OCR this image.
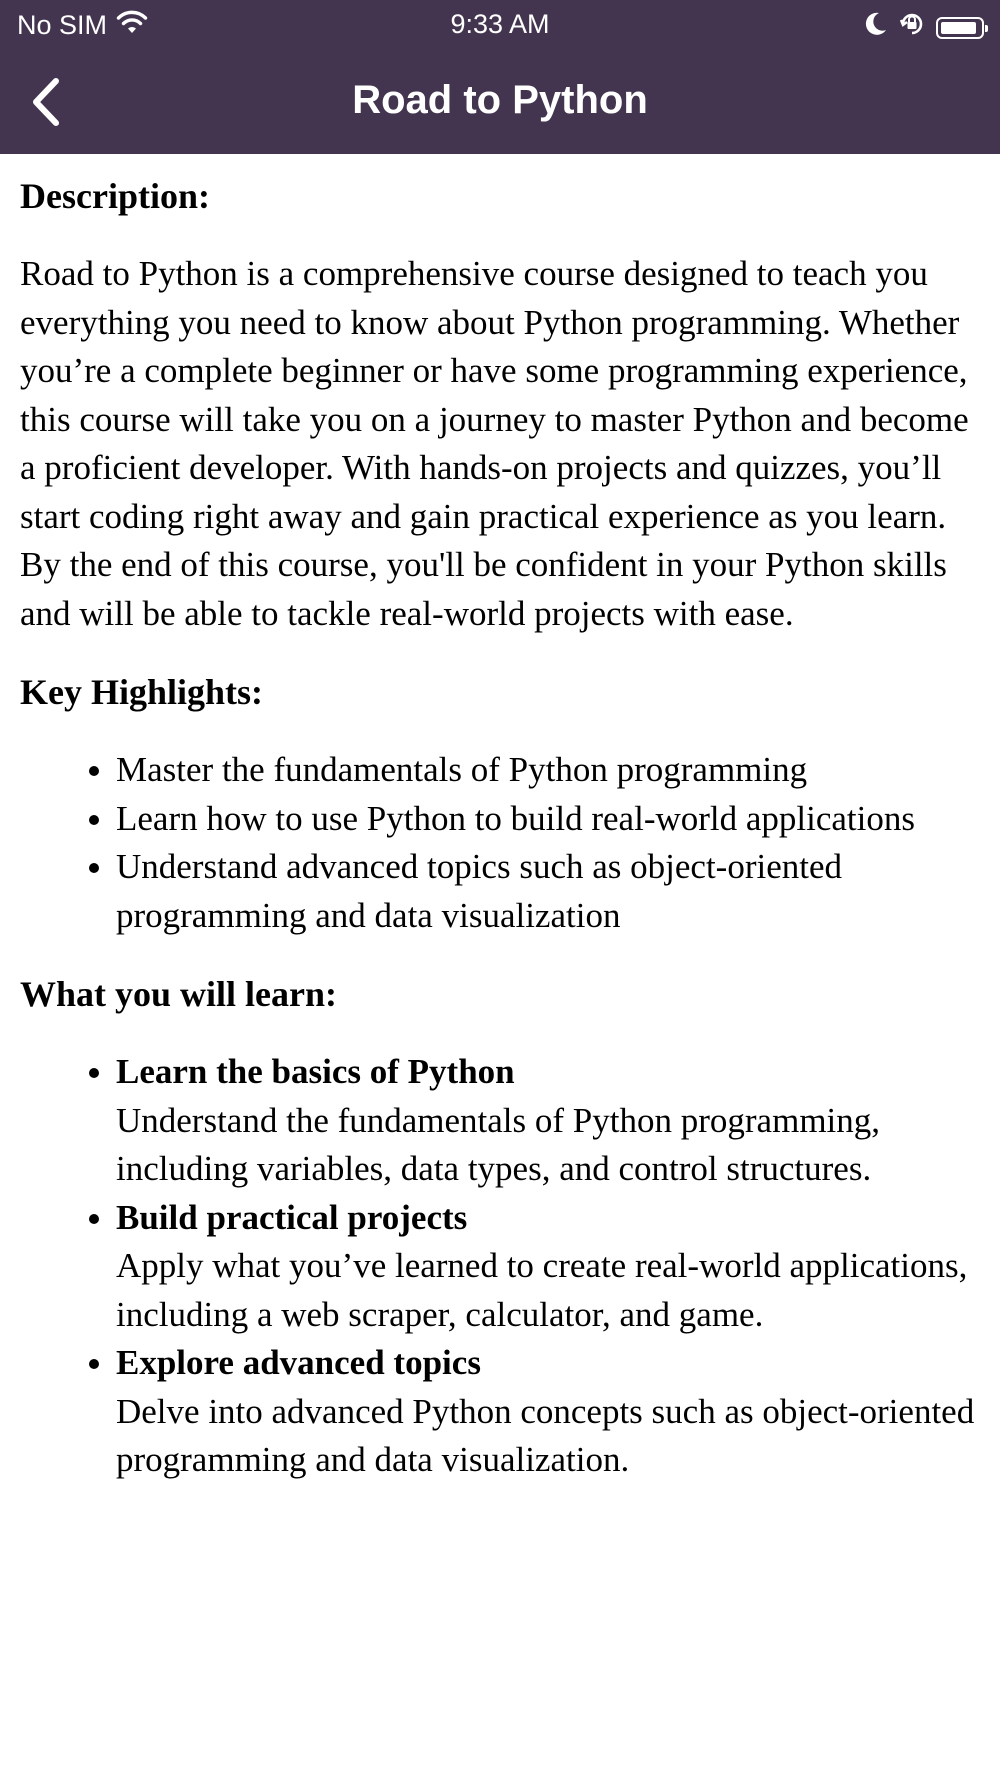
No SIM	9:33 AM
Road to Python
Description:

Road to Python is a comprehensive course designed to teach you everything you need to know about Python programming. Whether you’re a complete beginner or have some programming experience, this course will take you on a journey to master Python and become a proficient developer. With hands-on projects and quizzes, you’ll start coding right away and gain practical experience as you learn. By the end of this course, you'll be confident in your Python skills and will be able to tackle real-world projects with ease.

Key Highlights:
• Master the fundamentals of Python programming
• Learn how to use Python to build real-world applications
• Understand advanced topics such as object-oriented programming and data visualization
What you will learn:
• Learn the basics of Python
Understand the fundamentals of Python programming, including variables, data types, and control structures.
• Build practical projects
Apply what you’ve learned to create real-world applications, including a web scraper, calculator, and game.
• Explore advanced topics
Delve into advanced Python concepts such as object-oriented programming and data visualization.
